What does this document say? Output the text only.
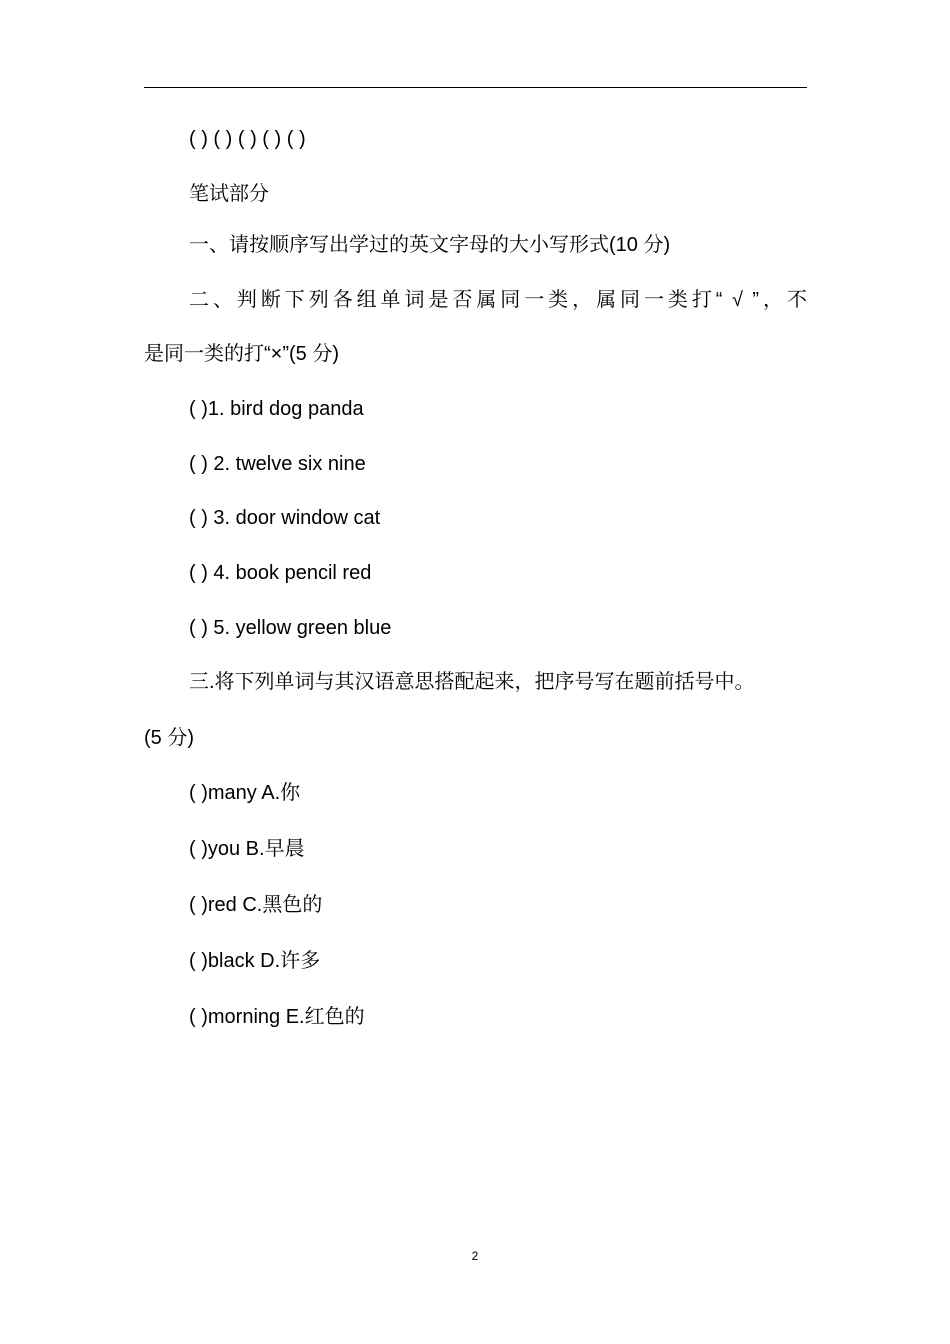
( ) ( ) ( ) ( ) ( )
笔试部分
一、请按顺序写出学过的英文字母的大小写形式(10 分)
二、判断下列各组单词是否属同一类，属同一类打“ √ ”，不
是同一类的打“×”(5 分)
( )1. bird dog panda
( ) 2. twelve six nine
( ) 3. door window cat
( ) 4. book pencil red
( ) 5. yellow green blue
三.将下列单词与其汉语意思搭配起来，把序号写在题前括号中。
(5 分)
( )many A.你
( )you B.早晨
( )red C.黑色的
( )black D.许多
( )morning E.红色的
2
